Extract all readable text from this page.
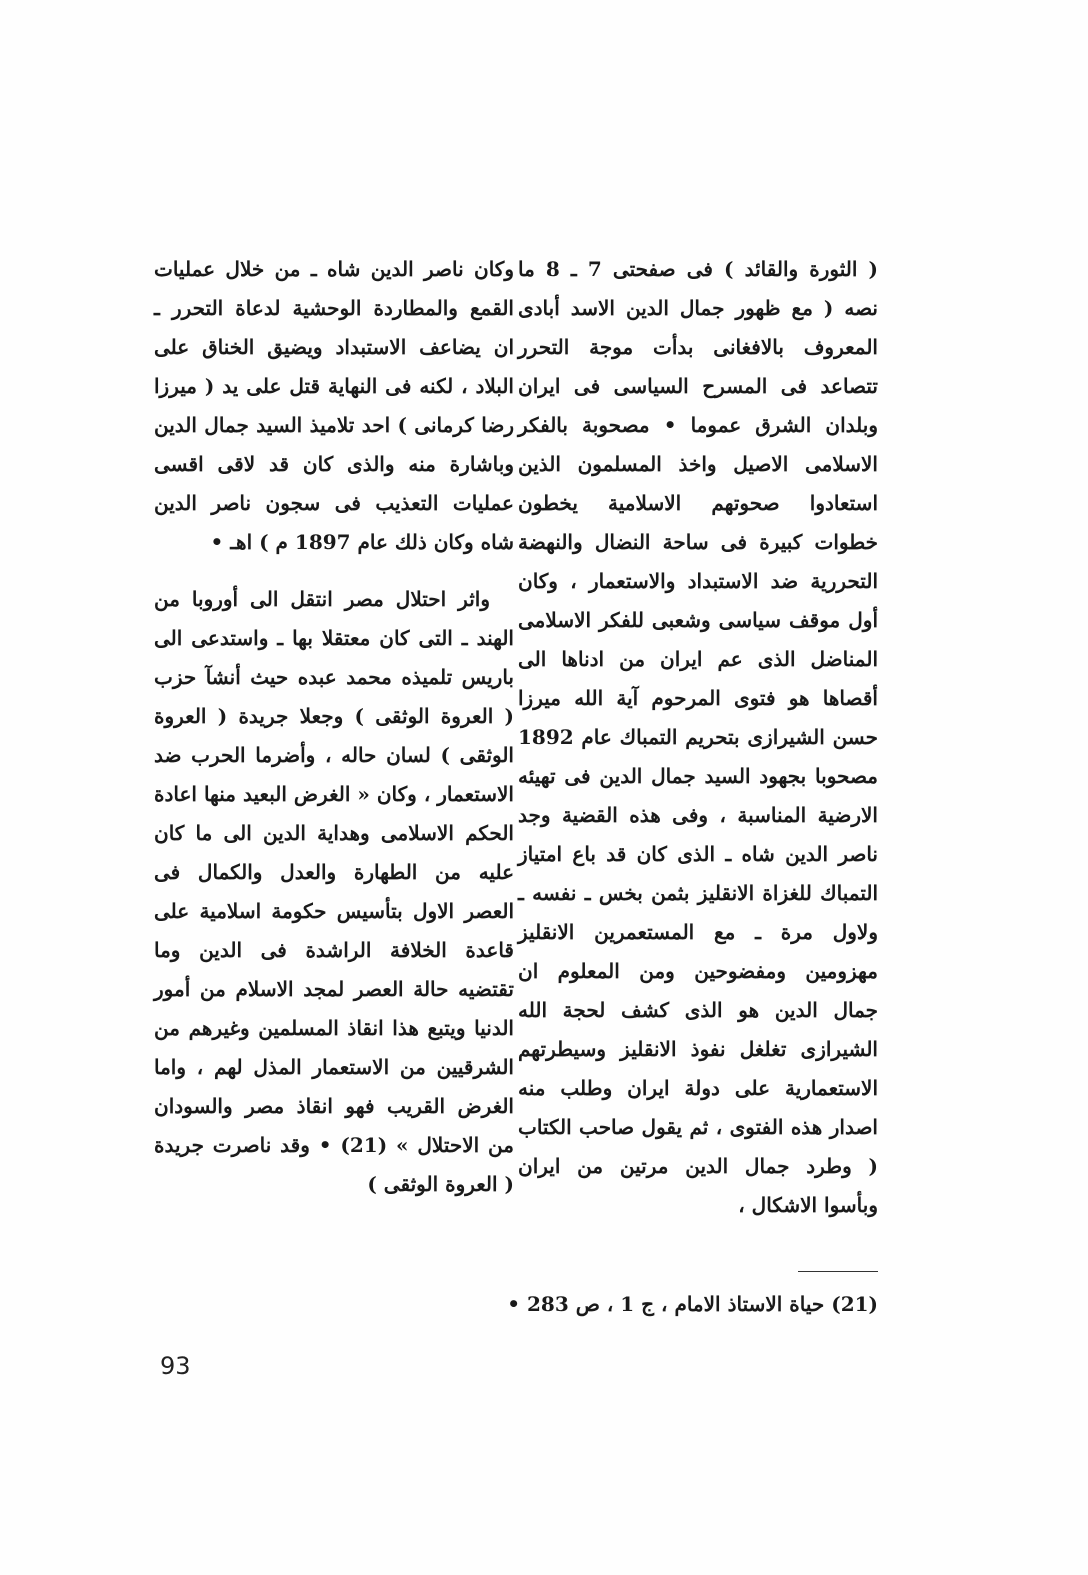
( الثورة والقائد ) فى صفحتى 7 ـ 8 ما نصه ( مع ظهور جمال الدين الاسد أبادى المعروف بالافغانى بدأت موجة التحرر تتصاعد فى المسرح السياسى فى ايران وبلدان الشرق عموما • مصحوبة بالفكر الاسلامى الاصيل واخذ المسلمون الذين استعادوا صحوتهم الاسلامية يخطون خطوات كبيرة فى ساحة النضال والنهضة التحررية ضد الاستبداد والاستعمار ، وكان أول موقف سياسى وشعبى للفكر الاسلامى المناضل الذى عم ايران من ادناها الى أقصاها هو فتوى المرحوم آية الله ميرزا حسن الشيرازى بتحريم التمباك عام 1892 مصحوبا بجهود السيد جمال الدين فى تهيئه الارضية المناسبة ، وفى هذه القضية وجد ناصر الدين شاه ـ الذى كان قد باع امتياز التمباك للغزاة الانقليز بثمن بخس ـ نفسه ـ ولاول مرة ـ مع المستعمرين الانقليز مهزومين ومفضوحين ومن المعلوم ان جمال الدين هو الذى كشف لحجة الله الشيرازى تغلغل نفوذ الانقليز وسيطرتهم الاستعمارية على دولة ايران وطلب منه اصدار هذه الفتوى ، ثم يقول صاحب الكتاب ( وطرد جمال الدين مرتين من ايران وبأسوا الاشكال ،

وكان ناصر الدين شاه ـ من خلال عمليات القمع والمطاردة الوحشية لدعاة التحرر ـ ان يضاعف الاستبداد ويضيق الخناق على البلاد ، لكنه فى النهاية قتل على يد ( ميرزا رضا كرمانى ) احد تلاميذ السيد جمال الدين وباشارة منه والذى كان قد لاقى اقسى عمليات التعذيب فى سجون ناصر الدين شاه وكان ذلك عام 1897 م ) اهـ •

واثر احتلال مصر انتقل الى أوروبا من الهند ـ التى كان معتقلا بها ـ واستدعى الى باريس تلميذه محمد عبده حيث أنشآ حزب ( العروة الوثقى ) وجعلا جريدة ( العروة الوثقى ) لسان حاله ، وأضرما الحرب ضد الاستعمار ، وكان « الغرض البعيد منها اعادة الحكم الاسلامى وهداية الدين الى ما كان عليه من الطهارة والعدل والكمال فى العصر الاول بتأسيس حكومة اسلامية على قاعدة الخلافة الراشدة فى الدين وما تقتضيه حالة العصر لمجد الاسلام من أمور الدنيا ويتبع هذا انقاذ المسلمين وغيرهم من الشرقيين من الاستعمار المذل لهم ، واما الغرض القريب فهو انقاذ مصر والسودان من الاحتلال » (21) • وقد ناصرت جريدة ( العروة الوثقى )

(21) حياة الاستاذ الامام ، ج 1 ، ص 283 •
93
